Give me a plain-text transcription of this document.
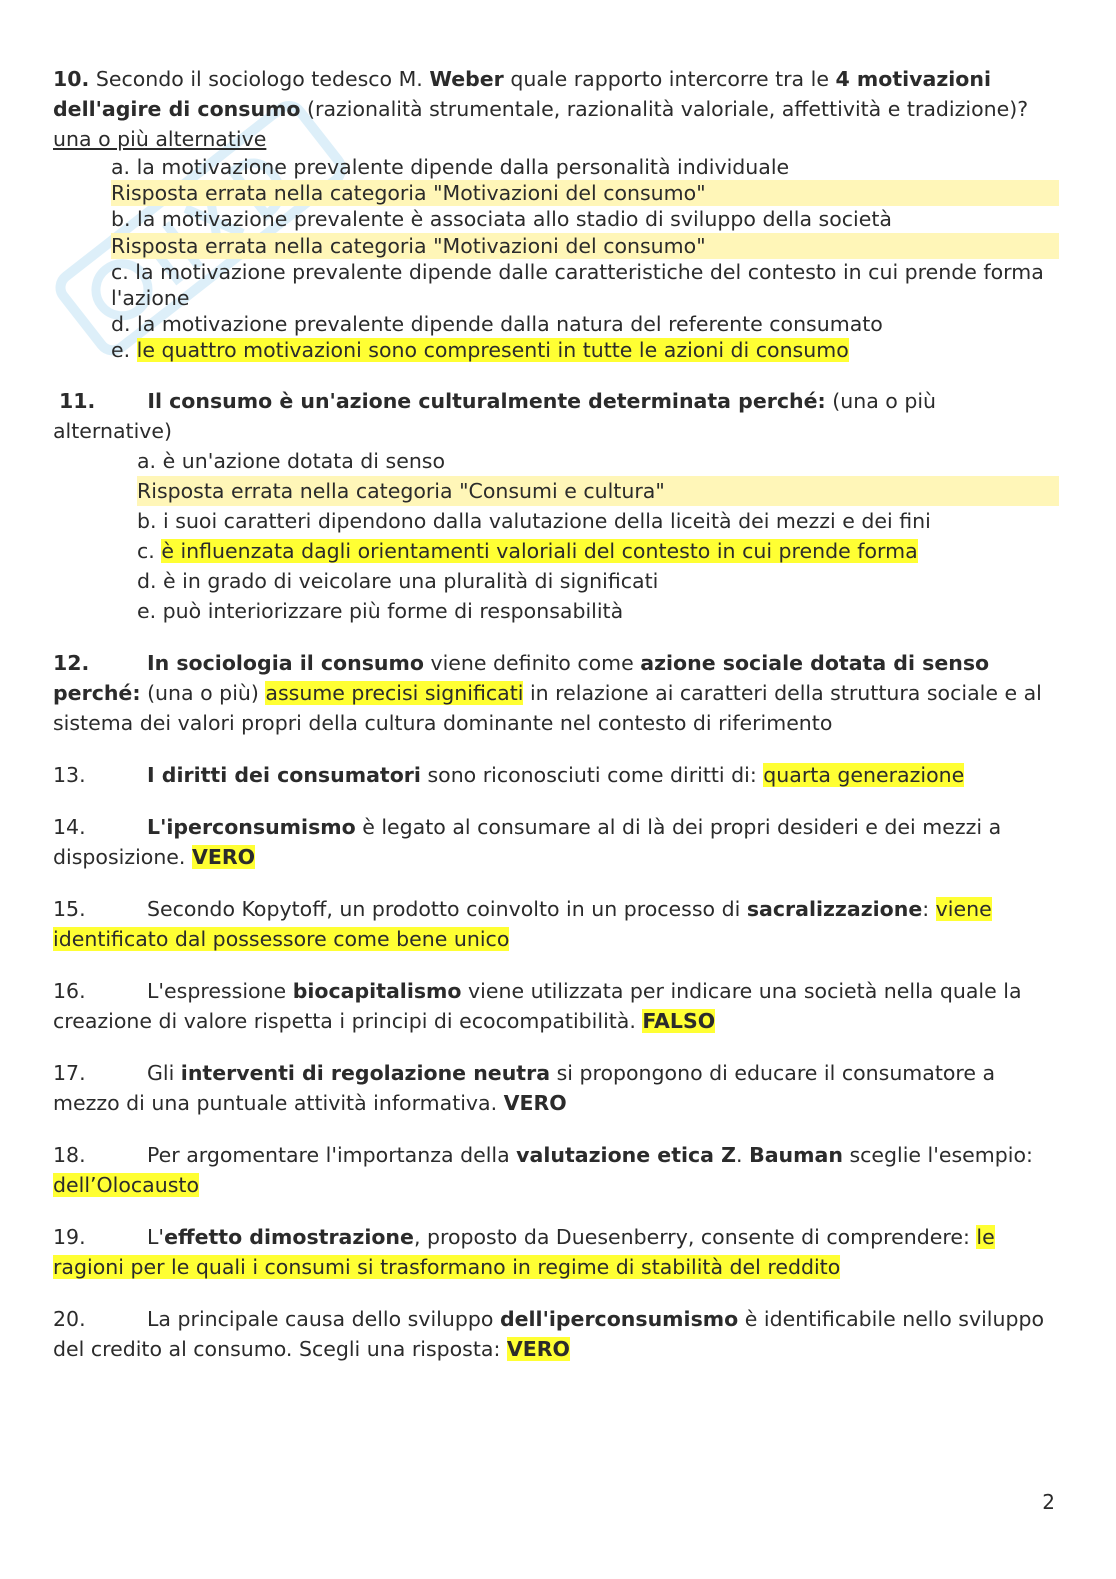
10. Secondo il sociologo tedesco M. Weber quale rapporto intercorre tra le 4 motivazioni dell'agire di consumo (razionalità strumentale, razionalità valoriale, affettività e tradizione)? una o più alternative
a. la motivazione prevalente dipende dalla personalità individuale
Risposta errata nella categoria "Motivazioni del consumo"
b. la motivazione prevalente è associata allo stadio di sviluppo della società
Risposta errata nella categoria "Motivazioni del consumo"
c. la motivazione prevalente dipende dalle caratteristiche del contesto in cui prende forma l'azione
d. la motivazione prevalente dipende dalla natura del referente consumato
e. le quattro motivazioni sono compresenti in tutte le azioni di consumo
11.	Il consumo è un'azione culturalmente determinata perché: (una o più alternative)
a. è un'azione dotata di senso
Risposta errata nella categoria "Consumi e cultura"
b. i suoi caratteri dipendono dalla valutazione della liceità dei mezzi e dei fini
c. è influenzata dagli orientamenti valoriali del contesto in cui prende forma
d. è in grado di veicolare una pluralità di significati
e. può interiorizzare più forme di responsabilità
12.	In sociologia il consumo viene definito come azione sociale dotata di senso perché: (una o più) assume precisi significati in relazione ai caratteri della struttura sociale e al sistema dei valori propri della cultura dominante nel contesto di riferimento
13.	I diritti dei consumatori sono riconosciuti come diritti di: quarta generazione
14.	L'iperconsumismo è legato al consumare al di là dei propri desideri e dei mezzi a disposizione. VERO
15.	Secondo Kopytoff, un prodotto coinvolto in un processo di sacralizzazione: viene identificato dal possessore come bene unico
16.	L'espressione biocapitalismo viene utilizzata per indicare una società nella quale la creazione di valore rispetta i principi di ecocompatibilità. FALSO
17.	Gli interventi di regolazione neutra si propongono di educare il consumatore a mezzo di una puntuale attività informativa. VERO
18.	Per argomentare l'importanza della valutazione etica Z. Bauman sceglie l'esempio: dell’Olocausto
19.	L'effetto dimostrazione, proposto da Duesenberry, consente di comprendere: le ragioni per le quali i consumi si trasformano in regime di stabilità del reddito
20.	La principale causa dello sviluppo dell'iperconsumismo è identificabile nello sviluppo del credito al consumo. Scegli una risposta: VERO
2
